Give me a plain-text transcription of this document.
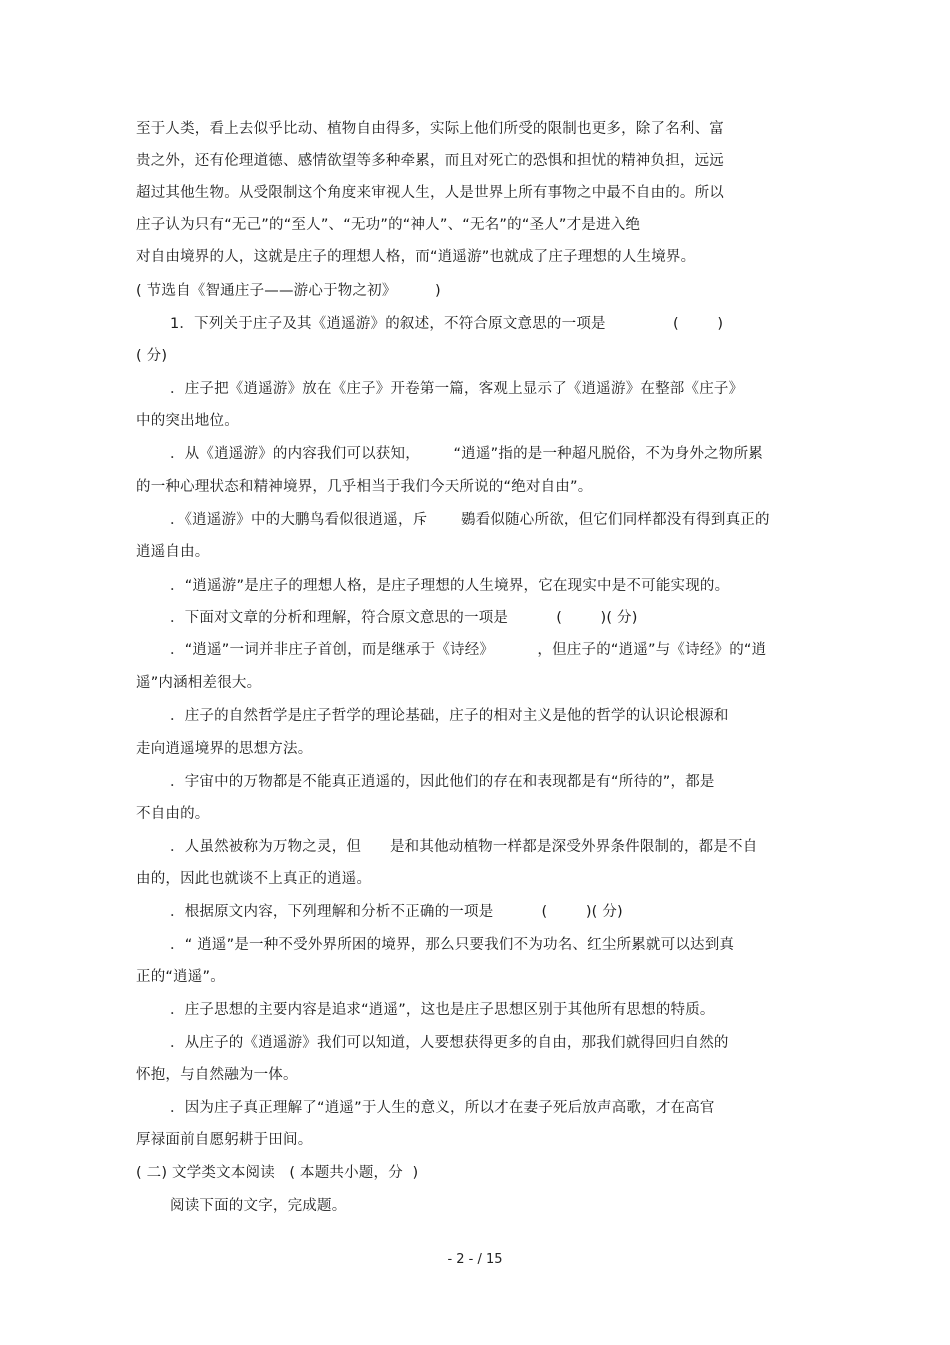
至于人类，看上去似乎比动、植物自由得多，实际上他们所受的限制也更多，除了名利、富
贵之外，还有伦理道德、感情欲望等多种牵累，而且对死亡的恐惧和担忧的精神负担，远远
超过其他生物。从受限制这个角度来审视人生，人是世界上所有事物之中最不自由的。所以
庄子认为只有“无己”的“至人”、“无功”的“神人”、“无名”的“圣人”才是进入绝
对自由境界的人，这就是庄子的理想人格，而“逍遥游”也就成了庄子理想的人生境界。
( 节选自《智通庄子——游心于物之初》        )
1．下列关于庄子及其《逍遥游》的叙述，不符合原文意思的一项是              (        )
( 分)
．庄子把《逍遥游》放在《庄子》开卷第一篇，客观上显示了《逍遥游》在整部《庄子》
中的突出地位。
．从《逍遥游》的内容我们可以获知，       “逍遥”指的是一种超凡脱俗，不为身外之物所累
的一种心理状态和精神境界，几乎相当于我们今天所说的“绝对自由”。
．《逍遥游》中的大鹏鸟看似很逍遥，斥       鷃看似随心所欲，但它们同样都没有得到真正的
逍遥自由。
．“逍遥游”是庄子的理想人格，是庄子理想的人生境界，它在现实中是不可能实现的。
．下面对文章的分析和理解，符合原文意思的一项是          (        )( 分)
．“逍遥”一词并非庄子首创，而是继承于《诗经》         ，但庄子的“逍遥”与《诗经》的“逍
遥”内涵相差很大。
．庄子的自然哲学是庄子哲学的理论基础，庄子的相对主义是他的哲学的认识论根源和
走向逍遥境界的思想方法。
．宇宙中的万物都是不能真正逍遥的，因此他们的存在和表现都是有“所待的”，都是
不自由的。
．人虽然被称为万物之灵，但      是和其他动植物一样都是深受外界条件限制的，都是不自
由的，因此也就谈不上真正的逍遥。
．根据原文内容，下列理解和分析不正确的一项是          (        )( 分)
．“ 逍遥”是一种不受外界所困的境界，那么只要我们不为功名、红尘所累就可以达到真
正的“逍遥”。
．庄子思想的主要内容是追求“逍遥”，这也是庄子思想区别于其他所有思想的特质。
．从庄子的《逍遥游》我们可以知道，人要想获得更多的自由，那我们就得回归自然的
怀抱，与自然融为一体。
．因为庄子真正理解了“逍遥”于人生的意义，所以才在妻子死后放声高歌，才在高官
厚禄面前自愿躬耕于田间。
( 二) 文学类文本阅读   ( 本题共小题，分  )
阅读下面的文字，完成题。
- 2 - / 15
